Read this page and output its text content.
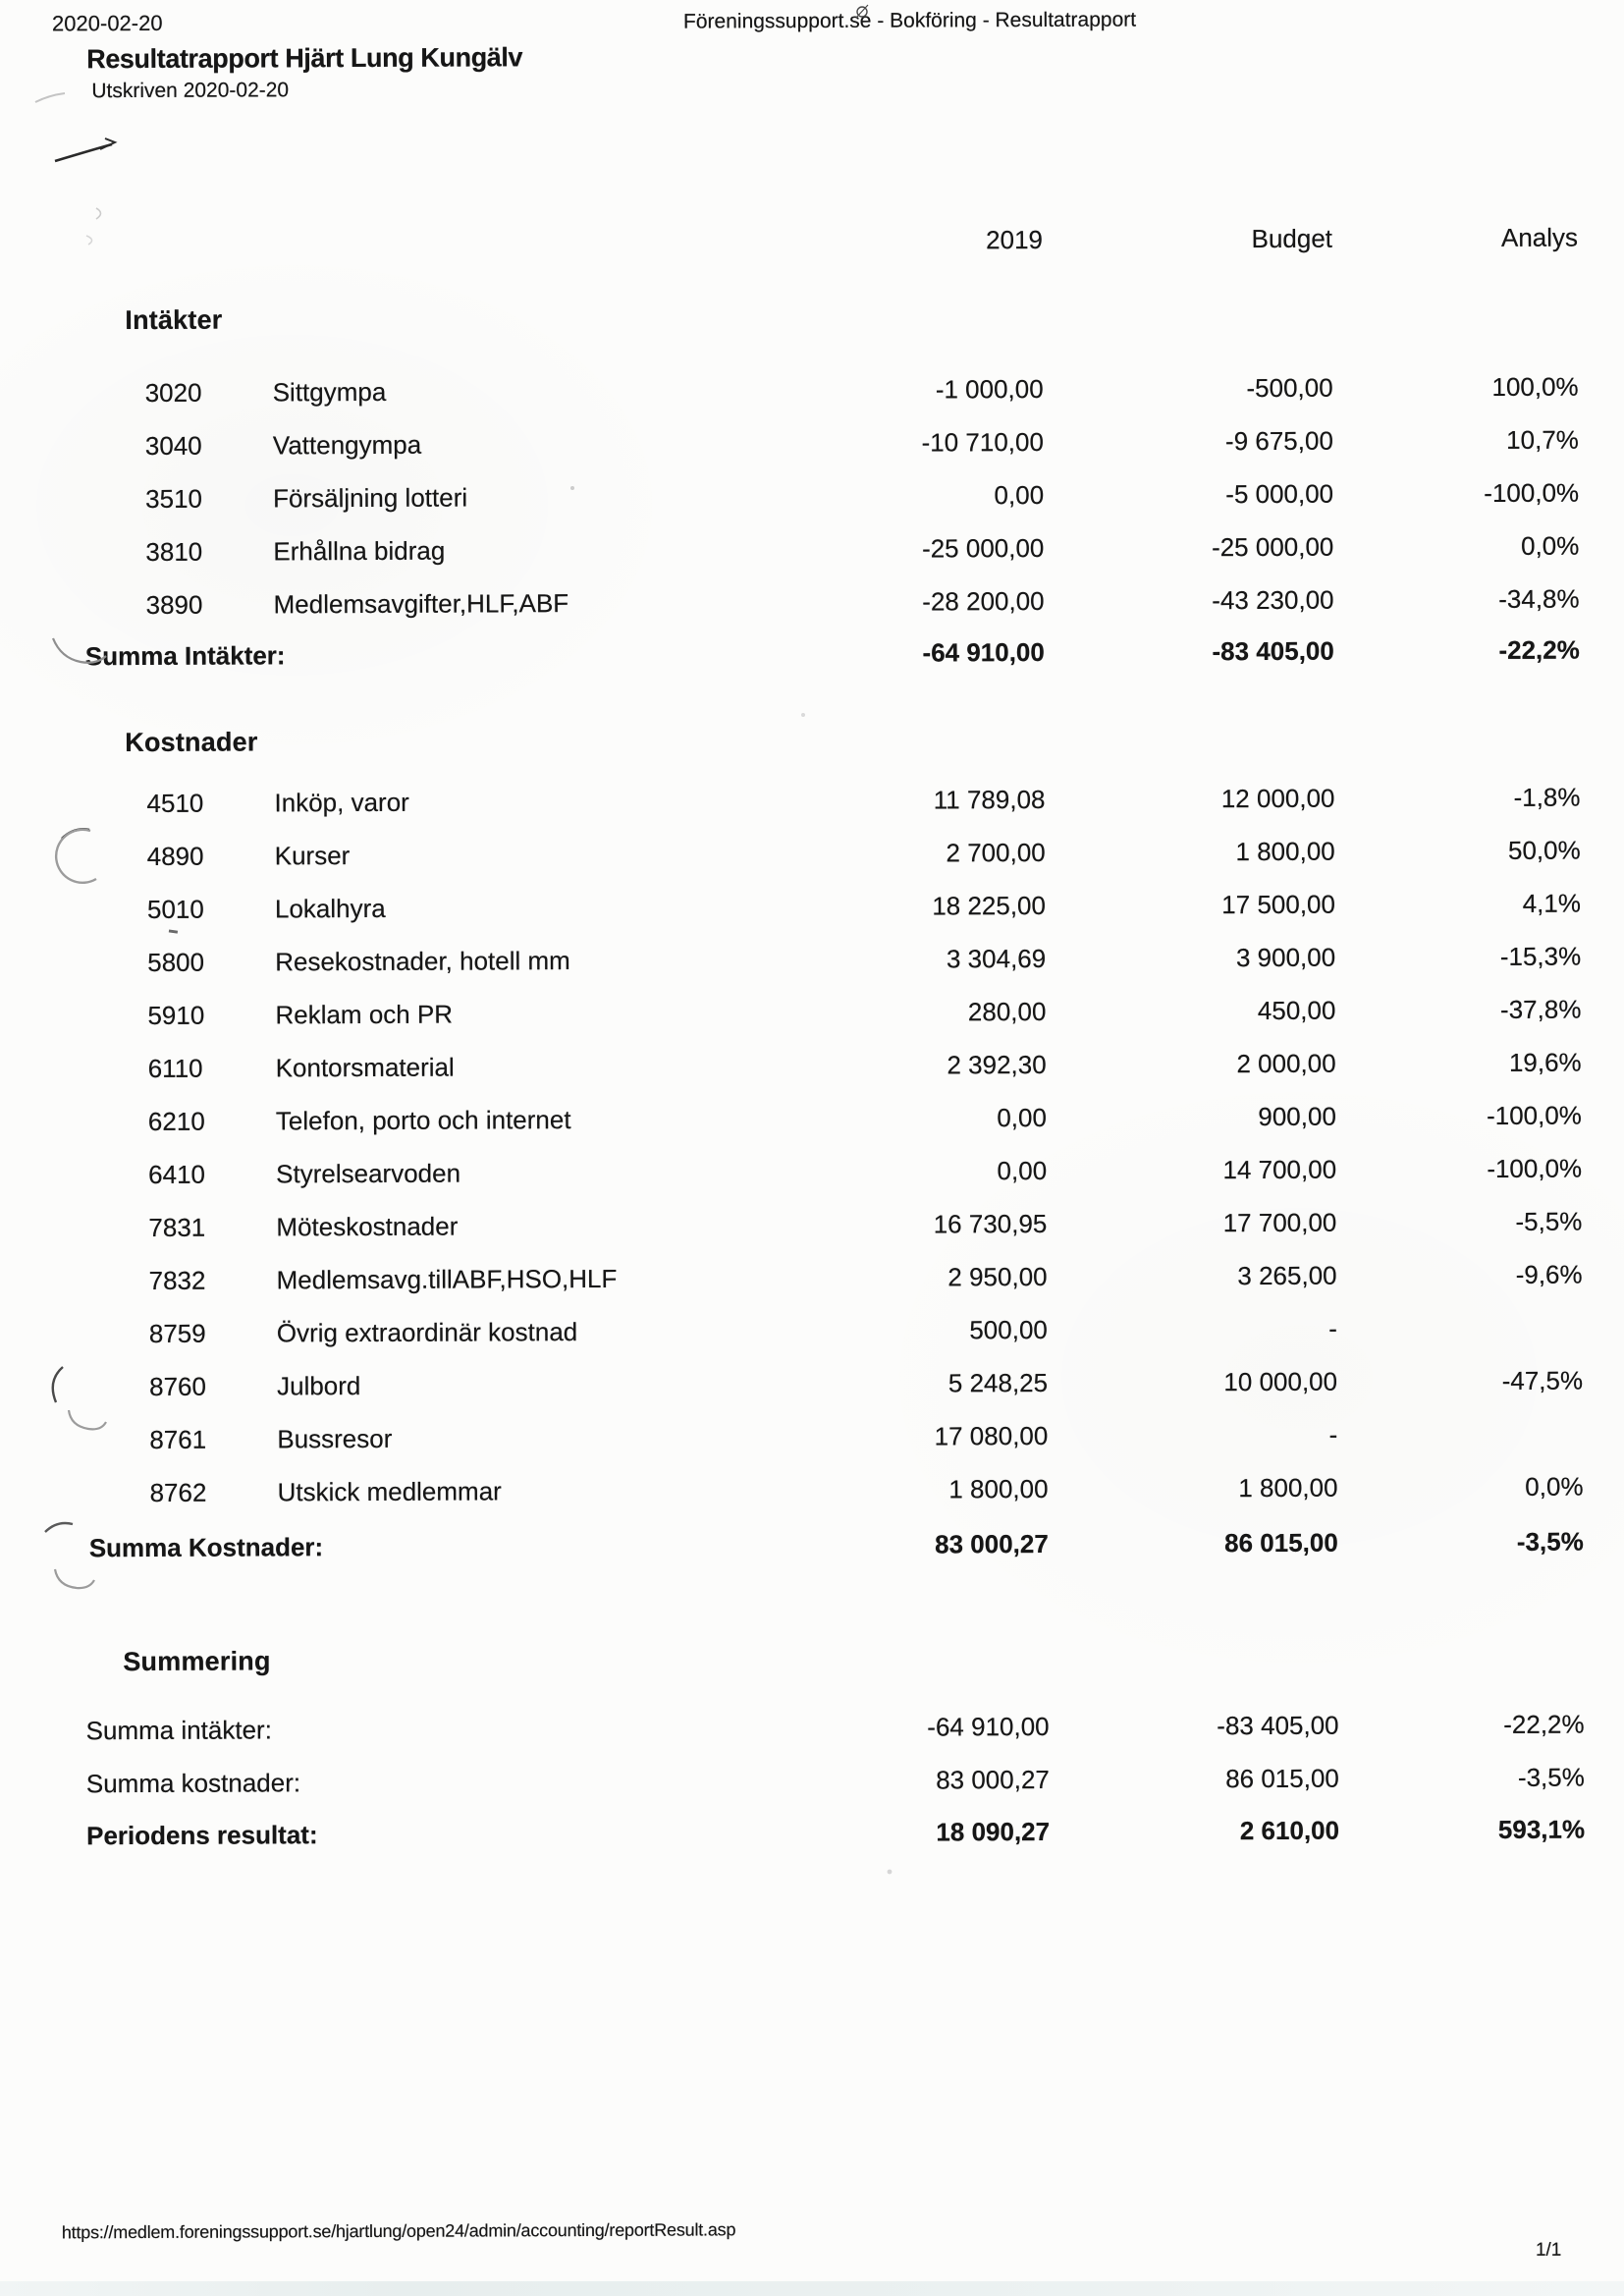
2020-02-20	Föreningssupport.se - Bokföring - Resultatrapport
Resultatrapport Hjärt Lung Kungälv
Utskriven 2020-02-20
2019	Budget	Analys
Intäkter
3020	Sittgympa	-1 000,00	-500,00	100,0%
3040	Vattengympa	-10 710,00	-9 675,00	10,7%
3510	Försäljning lotteri	0,00	-5 000,00	-100,0%
3810	Erhållna bidrag	-25 000,00	-25 000,00	0,0%
3890	Medlemsavgifter,HLF,ABF	-28 200,00	-43 230,00	-34,8%
Summa Intäkter:	-64 910,00	-83 405,00	-22,2%
Kostnader
4510	Inköp, varor	11 789,08	12 000,00	-1,8%
4890	Kurser	2 700,00	1 800,00	50,0%
5010	Lokalhyra	18 225,00	17 500,00	4,1%
5800	Resekostnader, hotell mm	3 304,69	3 900,00	-15,3%
5910	Reklam och PR	280,00	450,00	-37,8%
6110	Kontorsmaterial	2 392,30	2 000,00	19,6%
6210	Telefon, porto och internet	0,00	900,00	-100,0%
6410	Styrelsearvoden	0,00	14 700,00	-100,0%
7831	Möteskostnader	16 730,95	17 700,00	-5,5%
7832	Medlemsavg.tillABF,HSO,HLF	2 950,00	3 265,00	-9,6%
8759	Övrig extraordinär kostnad	500,00	-
8760	Julbord	5 248,25	10 000,00	-47,5%
8761	Bussresor	17 080,00	-
8762	Utskick medlemmar	1 800,00	1 800,00	0,0%
Summa Kostnader:	83 000,27	86 015,00	-3,5%
Summering
Summa intäkter:	-64 910,00	-83 405,00	-22,2%
Summa kostnader:	83 000,27	86 015,00	-3,5%
Periodens resultat:	18 090,27	2 610,00	593,1%
https://medlem.foreningssupport.se/hjartlung/open24/admin/accounting/reportResult.asp
1/1
